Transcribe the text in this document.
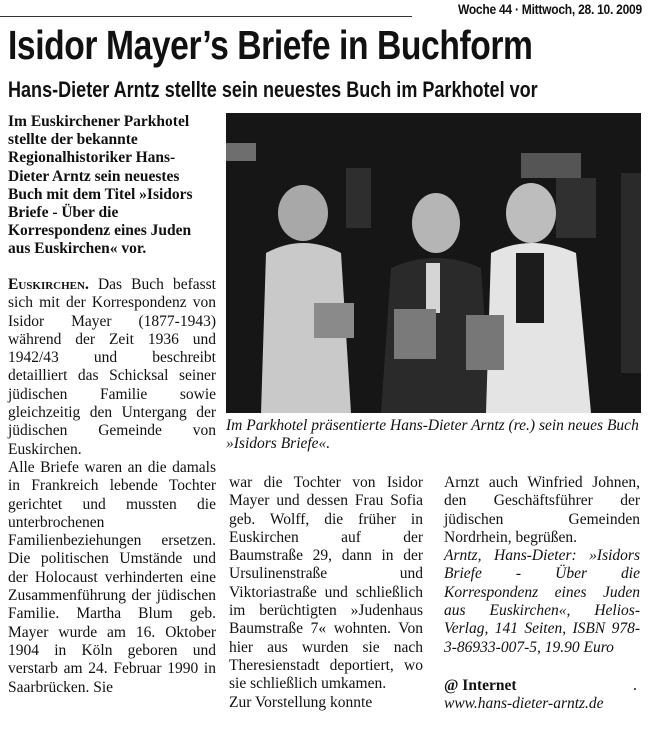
Woche 44 · Mittwoch, 28. 10. 2009
Isidor Mayer’s Briefe in Buchform
Hans-Dieter Arntz stellte sein neuestes Buch im Parkhotel vor
Im Euskirchener Parkhotel stellte der bekannte Regionalhistoriker Hans-Dieter Arntz sein neuestes Buch mit dem Titel »Isidors Briefe - Über die Korrespondenz eines Juden aus Euskirchen« vor.
Im Parkhotel präsentierte Hans-Dieter Arntz (re.) sein neues Buch »Isidors Briefe«.

Euskirchen. Das Buch befasst sich mit der Korrespondenz von Isidor Mayer (1877-1943) während der Zeit 1936 und 1942/43 und beschreibt detailliert das Schicksal seiner jüdischen Familie sowie gleichzeitig den Untergang der jüdischen Gemeinde von Euskirchen.

Alle Briefe waren an die damals in Frankreich lebende Tochter gerichtet und mussten die unterbrochenen Familienbeziehungen ersetzen. Die politischen Umstände und der Holocaust verhinderten eine Zusammenführung der jüdischen Familie. Martha Blum geb. Mayer wurde am 16. Oktober 1904 in Köln geboren und verstarb am 24. Februar 1990 in Saarbrücken. Sie

war die Tochter von Isidor Mayer und dessen Frau Sofia geb. Wolff, die früher in Euskirchen auf der Baumstraße 29, dann in der Ursulinenstraße und Viktoriastraße und schließlich im berüchtigten »Judenhaus Baumstraße 7« wohnten. Von hier aus wurden sie nach Theresienstadt deportiert, wo sie schließlich umkamen.

Zur Vorstellung konnte

Arnzt auch Winfried Johnen, den Geschäftsführer der jüdischen Gemeinden Nordrhein, begrüßen.

Arntz, Hans-Dieter: »Isidors Briefe - Über die Korrespondenz eines Juden aus Euskirchen«, Helios-Verlag, 141 Seiten, ISBN 978-3-86933-007-5, 19.90 Euro

@ Internet

www.hans-dieter-arntz.de
